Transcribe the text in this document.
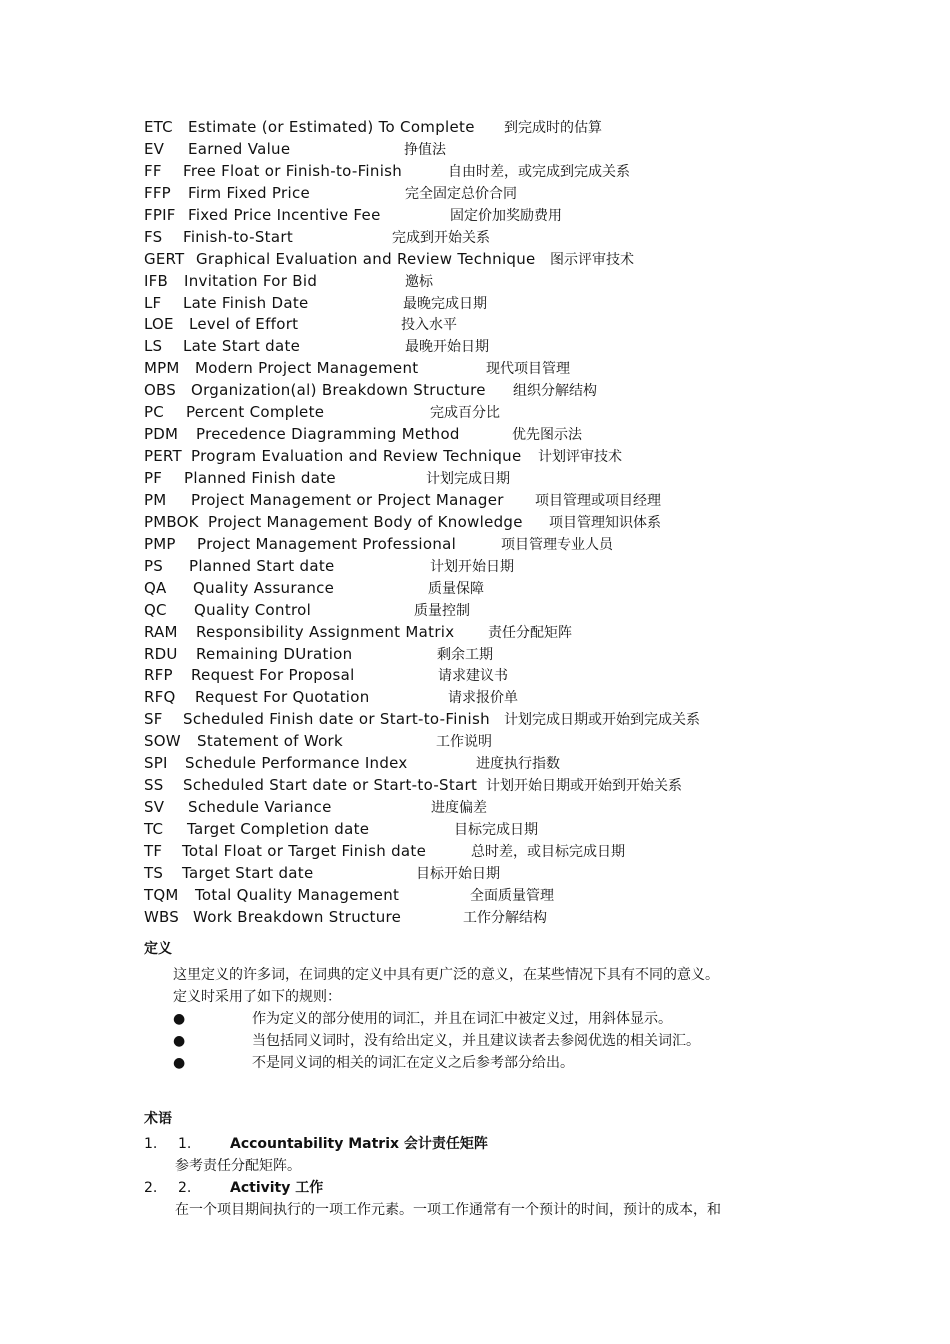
ETC Estimate (or Estimated) To Complete 到完成时的估算
EV Earned Value	挣值法
FF Free Float or Finish-to-Finish	自由时差，或完成到完成关系
FFP Firm Fixed Price	完全固定总价合同
FPIF Fixed Price Incentive Fee	固定价加奖励费用
FS Finish-to-Start	完成到开始关系
GERT Graphical Evaluation and Review Technique 图示评审技术
IFB Invitation For Bid	邀标
LF Late Finish Date	最晚完成日期
LOE Level of Effort	投入水平
LS Late Start date	最晚开始日期
MPM Modern Project Management	现代项目管理
OBS Organization(al) Breakdown Structure 组织分解结构
PC Percent Complete	完成百分比
PDM Precedence Diagramming Method	优先图示法
PERT Program Evaluation and Review Technique 计划评审技术
PF Planned Finish date	计划完成日期
PM Project Management or Project Manager 项目管理或项目经理
PMBOK Project Management Body of Knowledge 项目管理知识体系
PMP Project Management Professional	项目管理专业人员
PS Planned Start date	计划开始日期
QA Quality Assurance	质量保障
QC Quality Control	质量控制
RAM Responsibility Assignment Matrix 责任分配矩阵
RDU Remaining DUration	剩余工期
RFP Request For Proposal	请求建议书
RFQ Request For Quotation	请求报价单
SF Scheduled Finish date or Start-to-Finish 计划完成日期或开始到完成关系
SOW Statement of Work	工作说明
SPI Schedule Performance Index	进度执行指数
SS Scheduled Start date or Start-to-Start 计划开始日期或开始到开始关系
SV Schedule Variance	进度偏差
TC Target Completion date	目标完成日期
TF Total Float or Target Finish date	总时差，或目标完成日期
TS Target Start date	目标开始日期
TQM Total Quality Management	全面质量管理
WBS Work Breakdown Structure	工作分解结构
定义
这里定义的许多词，在词典的定义中具有更广泛的意义，在某些情况下具有不同的意义。
定义时采用了如下的规则：
●	作为定义的部分使用的词汇，并且在词汇中被定义过，用斜体显示。
●	当包括同义词时，没有给出定义，并且建议读者去参阅优选的相关词汇。
●	不是同义词的相关的词汇在定义之后参考部分给出。
术语
1. 1.	Accountability Matrix 会计责任矩阵
参考责任分配矩阵。
2. 2.	Activity 工作
在一个项目期间执行的一项工作元素。一项工作通常有一个预计的时间，预计的成本，和
